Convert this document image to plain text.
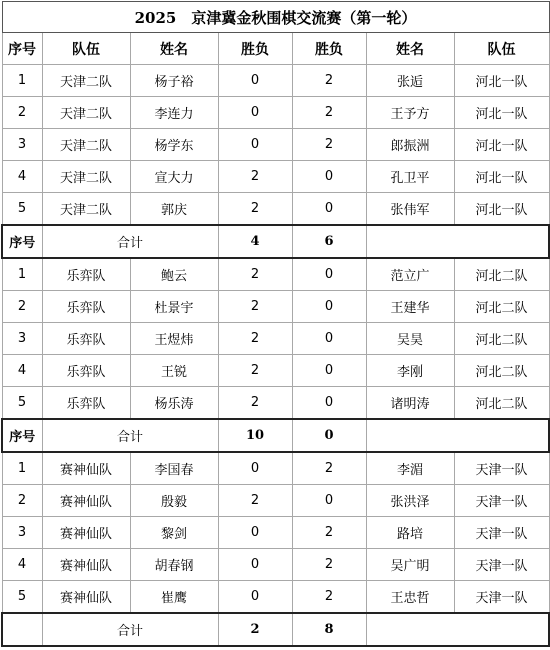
2025　京津冀金秋围棋交流赛（第一轮）						
序号	队伍	姓名	胜负	胜负	姓名	队伍
1	天津二队	杨子裕	0	2	张逅	河北一队
2	天津二队	李连力	0	2	王予方	河北一队
3	天津二队	杨学东	0	2	郎振洲	河北一队
4	天津二队	宣大力	2	0	孔卫平	河北一队
5	天津二队	郭庆	2	0	张伟军	河北一队
序号	合计		4	6		
1	乐弈队	鲍云	2	0	范立广	河北二队
2	乐弈队	杜景宇	2	0	王建华	河北二队
3	乐弈队	王煜炜	2	0	吴昊	河北二队
4	乐弈队	王锐	2	0	李刚	河北二队
5	乐弈队	杨乐涛	2	0	诸明涛	河北二队
序号	合计		10	0		
1	赛神仙队	李国春	0	2	李湄	天津一队
2	赛神仙队	殷毅	2	0	张洪泽	天津一队
3	赛神仙队	黎剑	0	2	路培	天津一队
4	赛神仙队	胡春钢	0	2	吴广明	天津一队
5	赛神仙队	崔鹰	0	2	王忠哲	天津一队
	合计		2	8		
